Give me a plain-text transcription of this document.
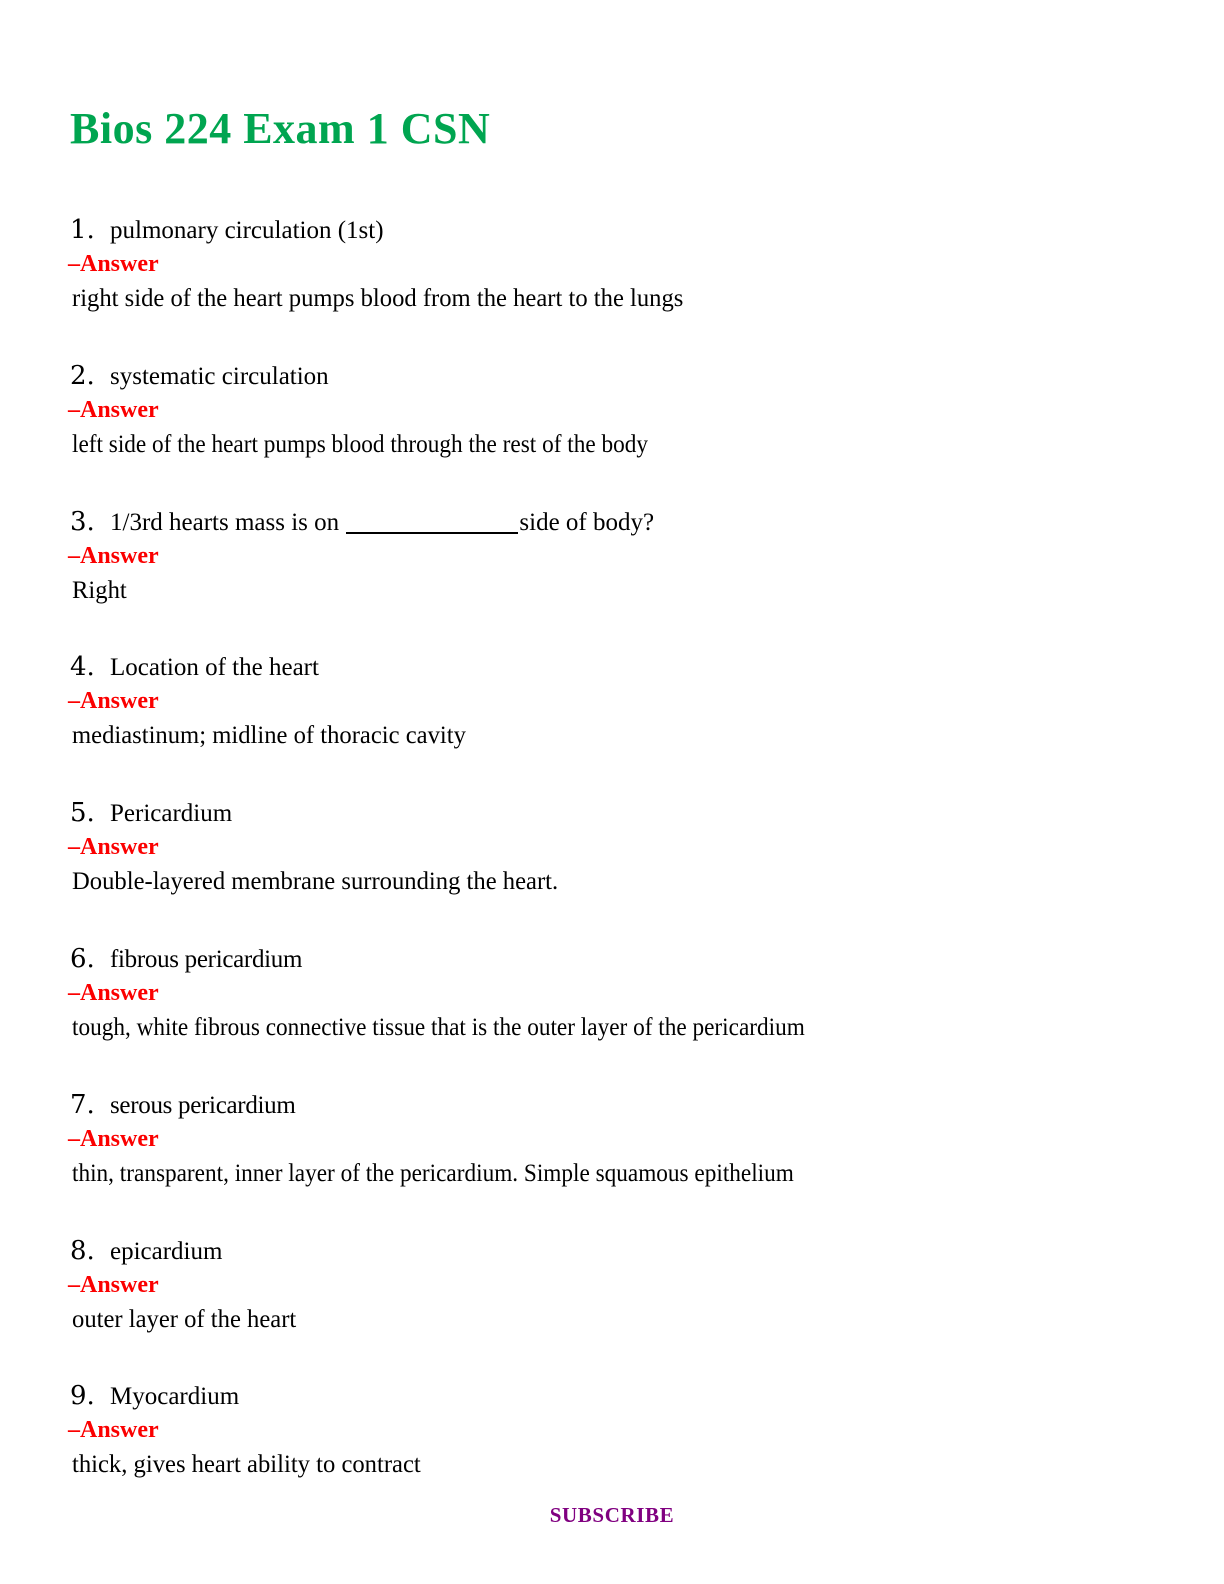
Bios 224 Exam 1 CSN
1. pulmonary circulation (1st)
–Answer
right side of the heart pumps blood from the heart to the lungs
2. systematic circulation
–Answer
left side of the heart pumps blood through the rest of the body
3. 1/3rd hearts mass is on	side of body?
–Answer
Right
4. Location of the heart
–Answer
mediastinum; midline of thoracic cavity
5. Pericardium
–Answer
Double-layered membrane surrounding the heart.
6. fibrous pericardium
–Answer
tough, white fibrous connective tissue that is the outer layer of the pericardium
7. serous pericardium
–Answer
thin, transparent, inner layer of the pericardium. Simple squamous epithelium
8. epicardium
–Answer
outer layer of the heart
9. Myocardium
–Answer
thick, gives heart ability to contract
SUBSCRIBE
